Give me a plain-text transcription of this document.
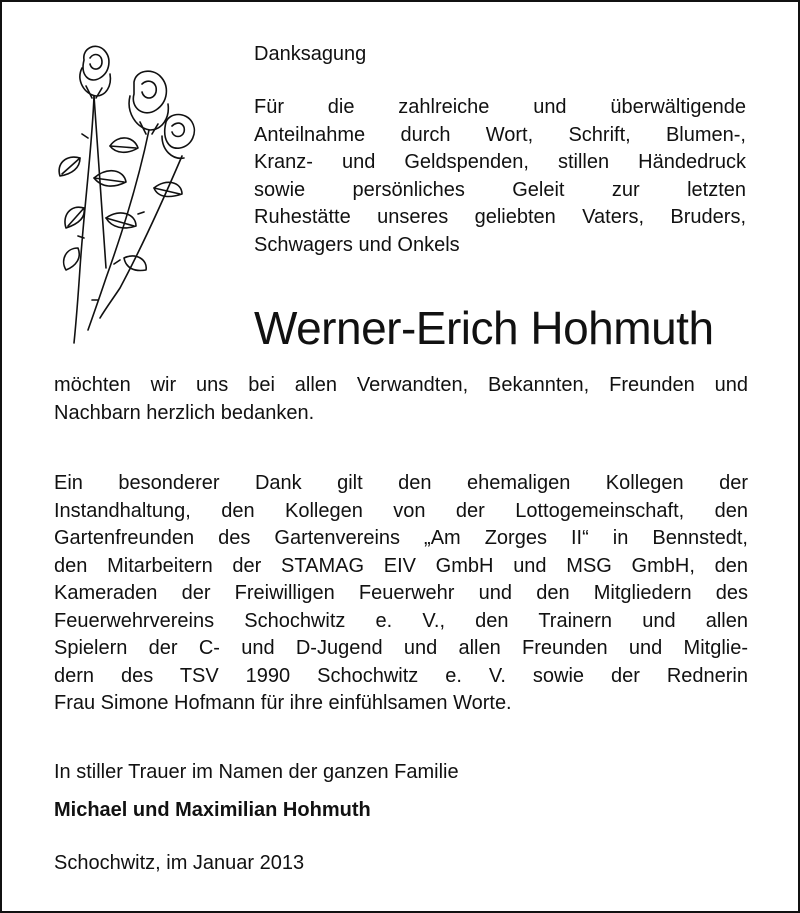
Danksagung
Für die zahlreiche und überwältigende
Anteilnahme durch Wort, Schrift, Blumen-,
Kranz- und Geldspenden, stillen Händedruck
sowie persönliches Geleit zur letzten
Ruhestätte unseres geliebten Vaters, Bruders,
Schwagers und Onkels
Werner-Erich Hohmuth
möchten wir uns bei allen Verwandten, Bekannten, Freunden und
Nachbarn herzlich bedanken.
Ein besonderer Dank gilt den ehemaligen Kollegen der
Instandhaltung, den Kollegen von der Lottogemeinschaft, den
Gartenfreunden des Gartenvereins „Am Zorges II“ in Bennstedt,
den Mitarbeitern der STAMAG EIV GmbH und MSG GmbH, den
Kameraden der Freiwilligen Feuerwehr und den Mitgliedern des
Feuerwehrvereins Schochwitz e. V., den Trainern und allen
Spielern der C- und D-Jugend und allen Freunden und Mitglie-
dern des TSV 1990 Schochwitz e. V. sowie der Rednerin
Frau Simone Hofmann für ihre einfühlsamen Worte.
In stiller Trauer im Namen der ganzen Familie
Michael und Maximilian Hohmuth
Schochwitz, im Januar 2013
